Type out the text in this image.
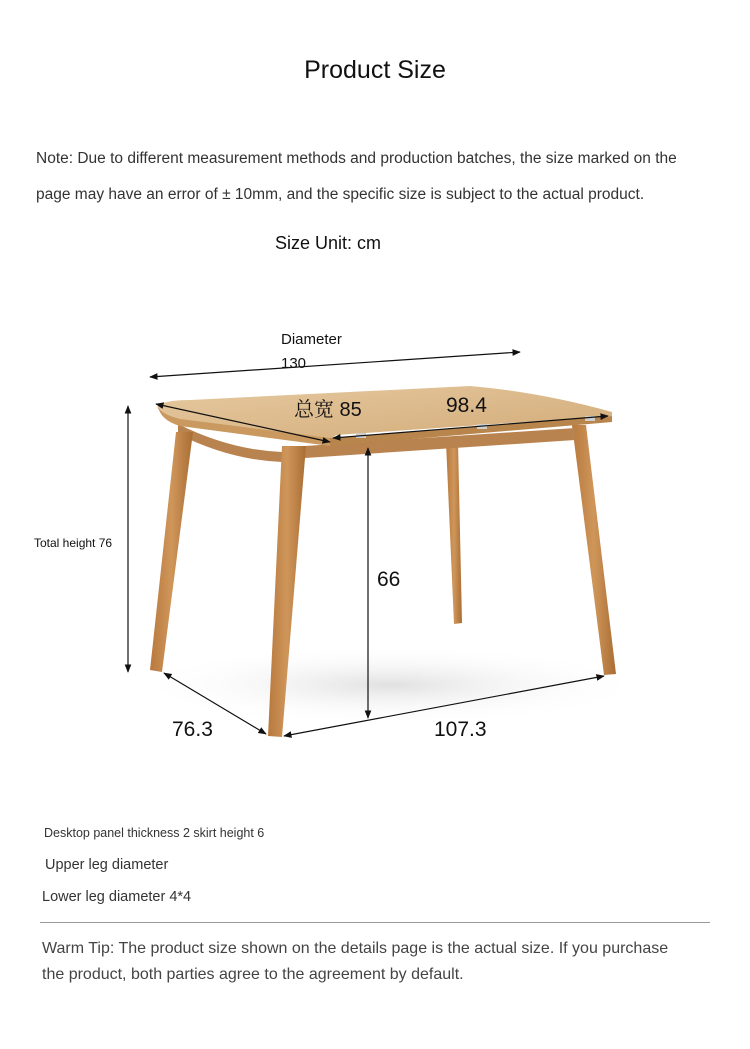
Product Size
Note: Due to different measurement methods and production batches, the size marked on the
page may have an error of ± 10mm, and the specific size is subject to the actual product.
Size Unit: cm
Diameter
130
总宽 85	98.4
Total height 76
66
76.3	107.3
Desktop panel thickness 2 skirt height 6
Upper leg diameter
Lower leg diameter 4*4
Warm Tip: The product size shown on the details page is the actual size. If you purchase the product, both parties agree to the agreement by default.
